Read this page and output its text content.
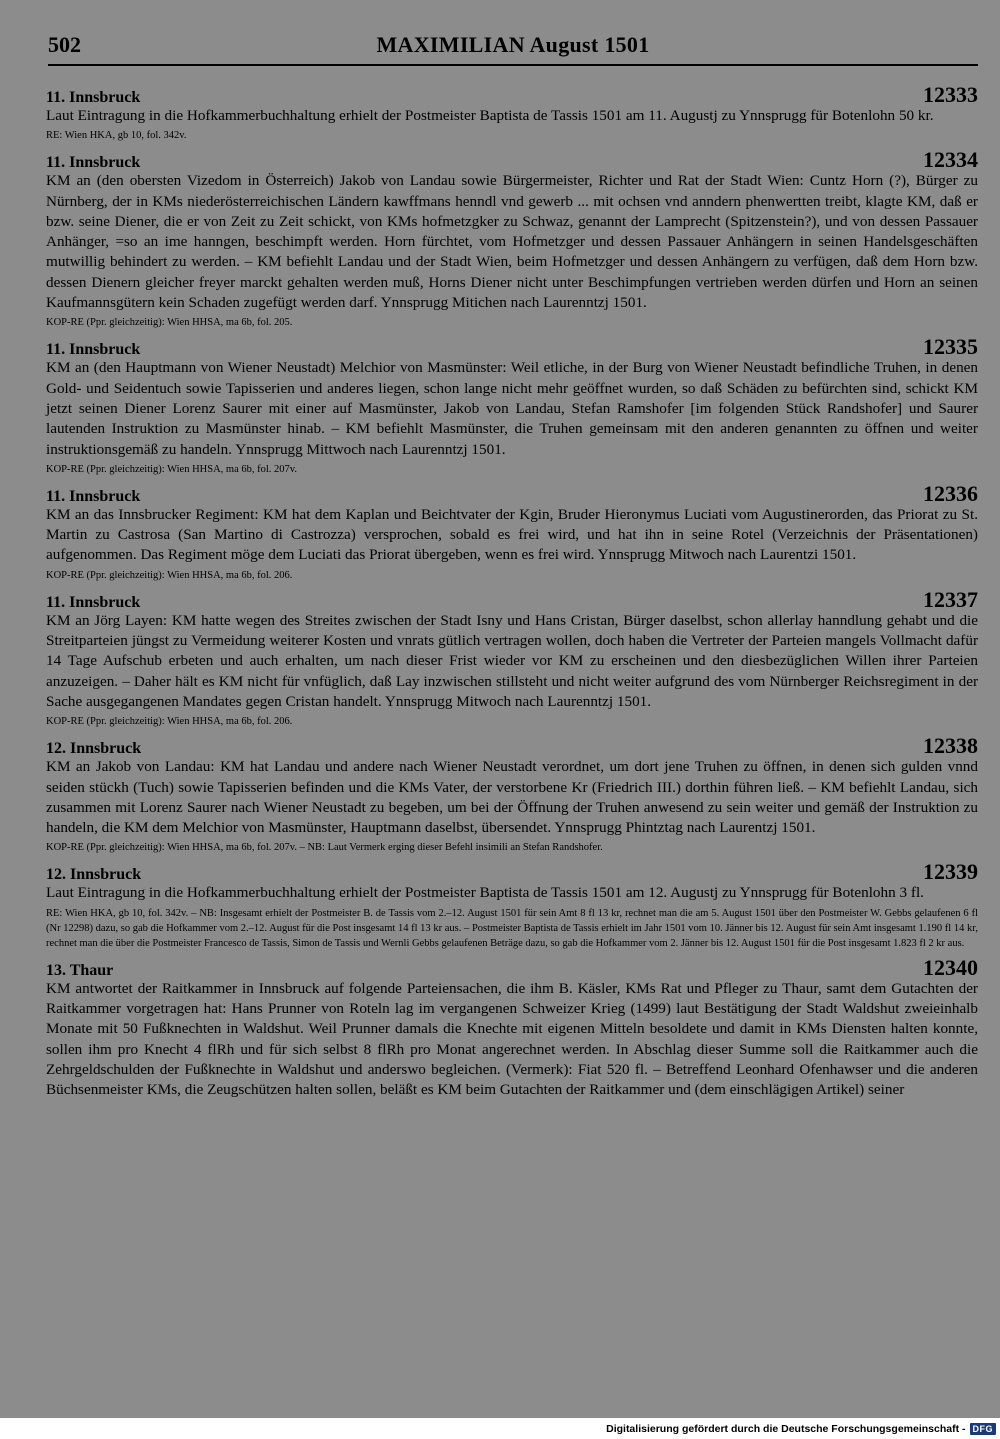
502	MAXIMILIAN August 1501
11. Innsbruck	12333
Laut Eintragung in die Hofkammerbuchhaltung erhielt der Postmeister Baptista de Tassis 1501 am 11. Augustj zu Ynnsprugg für Botenlohn 50 kr.
RE: Wien HKA, gb 10, fol. 342v.
11. Innsbruck	12334
KM an (den obersten Vizedom in Österreich) Jakob von Landau sowie Bürgermeister, Richter und Rat der Stadt Wien: Cuntz Horn (?), Bürger zu Nürnberg, der in KMs niederösterreichischen Ländern kawffmans henndl vnd gewerb ... mit ochsen vnd anndern phenwertten treibt, klagte KM, daß er bzw. seine Diener, die er von Zeit zu Zeit schickt, von KMs hofmetzgker zu Schwaz, genannt der Lamprecht (Spitzenstein?), und von dessen Passauer Anhänger, =so an ime hanngen, beschimpft werden. Horn fürchtet, vom Hofmetzger und dessen Passauer Anhängern in seinen Handelsgeschäften mutwillig behindert zu werden. – KM befiehlt Landau und der Stadt Wien, beim Hofmetzger und dessen Anhängern zu verfügen, daß dem Horn bzw. dessen Dienern gleicher freyer marckt gehalten werden muß, Horns Diener nicht unter Beschimpfungen vertrieben werden dürfen und Horn an seinen Kaufmannsgütern kein Schaden zugefügt werden darf. Ynnsprugg Mitichen nach Laurenntzj 1501.
KOP-RE (Ppr. gleichzeitig): Wien HHSA, ma 6b, fol. 205.
11. Innsbruck	12335
KM an (den Hauptmann von Wiener Neustadt) Melchior von Masmünster: Weil etliche, in der Burg von Wiener Neustadt befindliche Truhen, in denen Gold- und Seidentuch sowie Tapisserien und anderes liegen, schon lange nicht mehr geöffnet wurden, so daß Schäden zu befürchten sind, schickt KM jetzt seinen Diener Lorenz Saurer mit einer auf Masmünster, Jakob von Landau, Stefan Ramshofer [im folgenden Stück Randshofer] und Saurer lautenden Instruktion zu Masmünster hinab. – KM befiehlt Masmünster, die Truhen gemeinsam mit den anderen genannten zu öffnen und weiter instruktionsgemäß zu handeln. Ynnsprugg Mittwoch nach Laurenntzj 1501.
KOP-RE (Ppr. gleichzeitig): Wien HHSA, ma 6b, fol. 207v.
11. Innsbruck	12336
KM an das Innsbrucker Regiment: KM hat dem Kaplan und Beichtvater der Kgin, Bruder Hieronymus Luciati vom Augustinerorden, das Priorat zu St. Martin zu Castrosa (San Martino di Castrozza) versprochen, sobald es frei wird, und hat ihn in seine Rotel (Verzeichnis der Präsentationen) aufgenommen. Das Regiment möge dem Luciati das Priorat übergeben, wenn es frei wird. Ynnsprugg Mitwoch nach Laurentzi 1501.
KOP-RE (Ppr. gleichzeitig): Wien HHSA, ma 6b, fol. 206.
11. Innsbruck	12337
KM an Jörg Layen: KM hatte wegen des Streites zwischen der Stadt Isny und Hans Cristan, Bürger daselbst, schon allerlay hanndlung gehabt und die Streitparteien jüngst zu Vermeidung weiterer Kosten und vnrats gütlich vertragen wollen, doch haben die Vertreter der Parteien mangels Vollmacht dafür 14 Tage Aufschub erbeten und auch erhalten, um nach dieser Frist wieder vor KM zu erscheinen und den diesbezüglichen Willen ihrer Parteien anzuzeigen. – Daher hält es KM nicht für vnfüglich, daß Lay inzwischen stillsteht und nicht weiter aufgrund des vom Nürnberger Reichsregiment in der Sache ausgegangenen Mandates gegen Cristan handelt. Ynnsprugg Mitwoch nach Laurenntzj 1501.
KOP-RE (Ppr. gleichzeitig): Wien HHSA, ma 6b, fol. 206.
12. Innsbruck	12338
KM an Jakob von Landau: KM hat Landau und andere nach Wiener Neustadt verordnet, um dort jene Truhen zu öffnen, in denen sich gulden vnnd seiden stückh (Tuch) sowie Tapisserien befinden und die KMs Vater, der verstorbene Kr (Friedrich III.) dorthin führen ließ. – KM befiehlt Landau, sich zusammen mit Lorenz Saurer nach Wiener Neustadt zu begeben, um bei der Öffnung der Truhen anwesend zu sein weiter und gemäß der Instruktion zu handeln, die KM dem Melchior von Masmünster, Hauptmann daselbst, übersendet. Ynnsprugg Phintztag nach Laurentzj 1501.
KOP-RE (Ppr. gleichzeitig): Wien HHSA, ma 6b, fol. 207v. – NB: Laut Vermerk erging dieser Befehl insimili an Stefan Randshofer.
12. Innsbruck	12339
Laut Eintragung in die Hofkammerbuchhaltung erhielt der Postmeister Baptista de Tassis 1501 am 12. Augustj zu Ynnsprugg für Botenlohn 3 fl.
RE: Wien HKA, gb 10, fol. 342v. – NB: Insgesamt erhielt der Postmeister B. de Tassis vom 2.–12. August 1501 für sein Amt 8 fl 13 kr, rechnet man die am 5. August 1501 über den Postmeister W. Gebbs gelaufenen 6 fl (Nr 12298) dazu, so gab die Hofkammer vom 2.–12. August für die Post insgesamt 14 fl 13 kr aus. – Postmeister Baptista de Tassis erhielt im Jahr 1501 vom 10. Jänner bis 12. August für sein Amt insgesamt 1.190 fl 14 kr, rechnet man die über die Postmeister Francesco de Tassis, Simon de Tassis und Wernli Gebbs gelaufenen Beträge dazu, so gab die Hofkammer vom 2. Jänner bis 12. August 1501 für die Post insgesamt 1.823 fl 2 kr aus.
13. Thaur	12340
KM antwortet der Raitkammer in Innsbruck auf folgende Parteiensachen, die ihm B. Käsler, KMs Rat und Pfleger zu Thaur, samt dem Gutachten der Raitkammer vorgetragen hat: Hans Prunner von Roteln lag im vergangenen Schweizer Krieg (1499) laut Bestätigung der Stadt Waldshut zweieinhalb Monate mit 50 Fußknechten in Waldshut. Weil Prunner damals die Knechte mit eigenen Mitteln besoldete und damit in KMs Diensten halten konnte, sollen ihm pro Knecht 4 flRh und für sich selbst 8 flRh pro Monat angerechnet werden. In Abschlag dieser Summe soll die Raitkammer auch die Zehrgeldschulden der Fußknechte in Waldshut und anderswo begleichen. (Vermerk): Fiat 520 fl. – Betreffend Leonhard Ofenhawser und die anderen Büchsenmeister KMs, die Zeugschützen halten sollen, beläßt es KM beim Gutachten der Raitkammer und (dem einschlägigen Artikel) seiner
Digitalisierung gefördert durch die Deutsche Forschungsgemeinschaft - DFG
